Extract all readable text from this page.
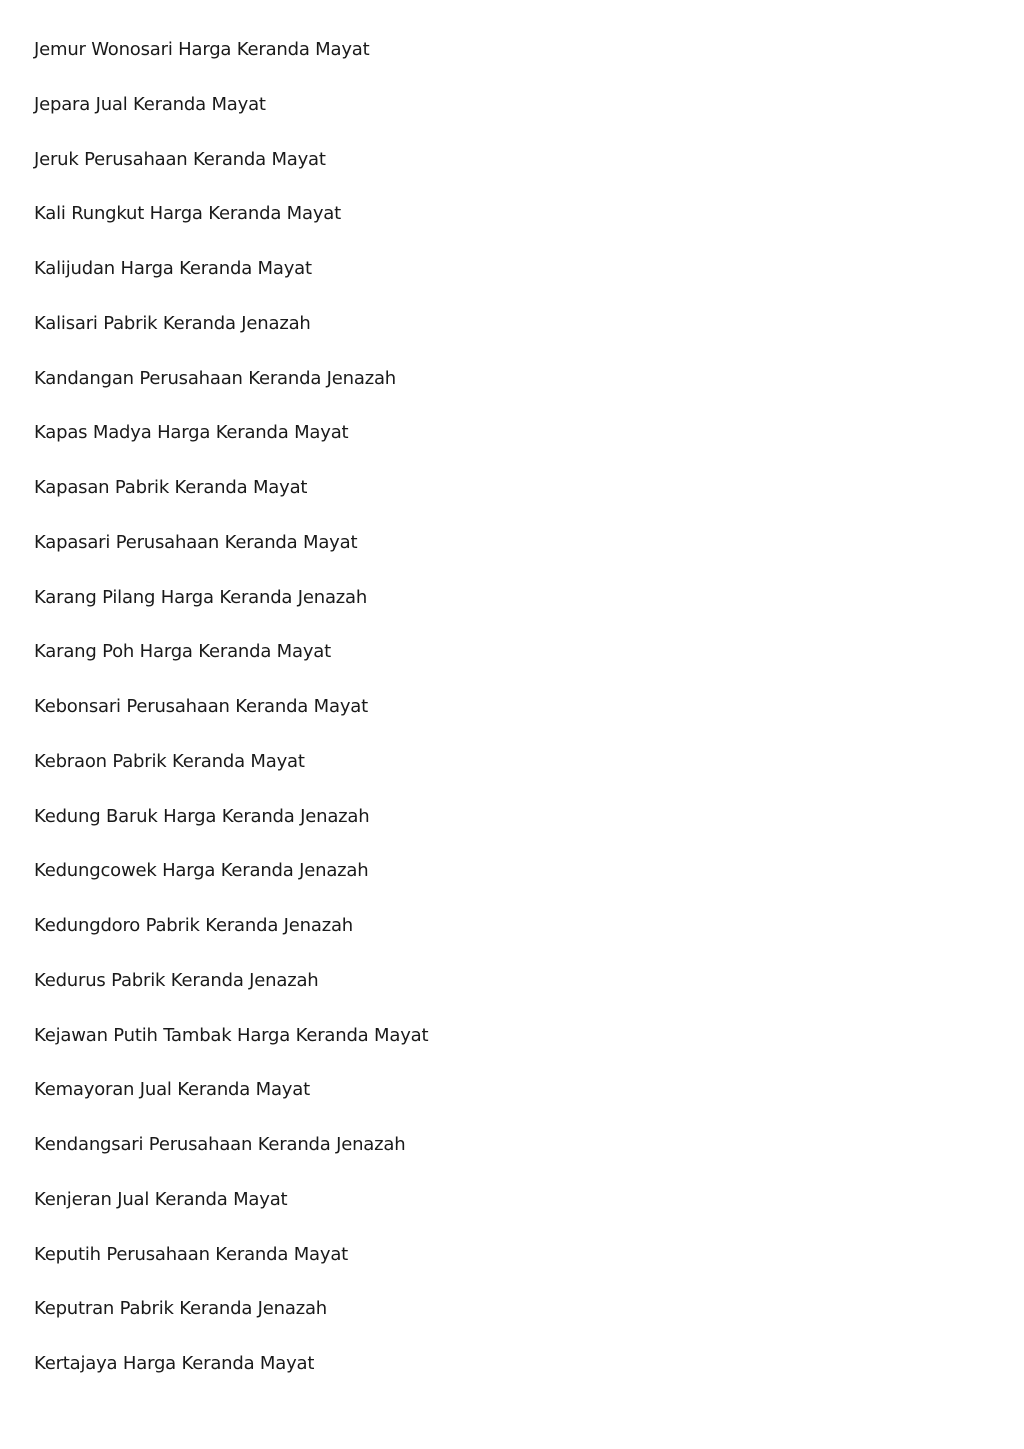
Jemur Wonosari Harga Keranda Mayat
Jepara Jual Keranda Mayat
Jeruk Perusahaan Keranda Mayat
Kali Rungkut Harga Keranda Mayat
Kalijudan Harga Keranda Mayat
Kalisari Pabrik Keranda Jenazah
Kandangan Perusahaan Keranda Jenazah
Kapas Madya Harga Keranda Mayat
Kapasan Pabrik Keranda Mayat
Kapasari Perusahaan Keranda Mayat
Karang Pilang Harga Keranda Jenazah
Karang Poh Harga Keranda Mayat
Kebonsari Perusahaan Keranda Mayat
Kebraon Pabrik Keranda Mayat
Kedung Baruk Harga Keranda Jenazah
Kedungcowek Harga Keranda Jenazah
Kedungdoro Pabrik Keranda Jenazah
Kedurus Pabrik Keranda Jenazah
Kejawan Putih Tambak Harga Keranda Mayat
Kemayoran Jual Keranda Mayat
Kendangsari Perusahaan Keranda Jenazah
Kenjeran Jual Keranda Mayat
Keputih Perusahaan Keranda Mayat
Keputran Pabrik Keranda Jenazah
Kertajaya Harga Keranda Mayat
